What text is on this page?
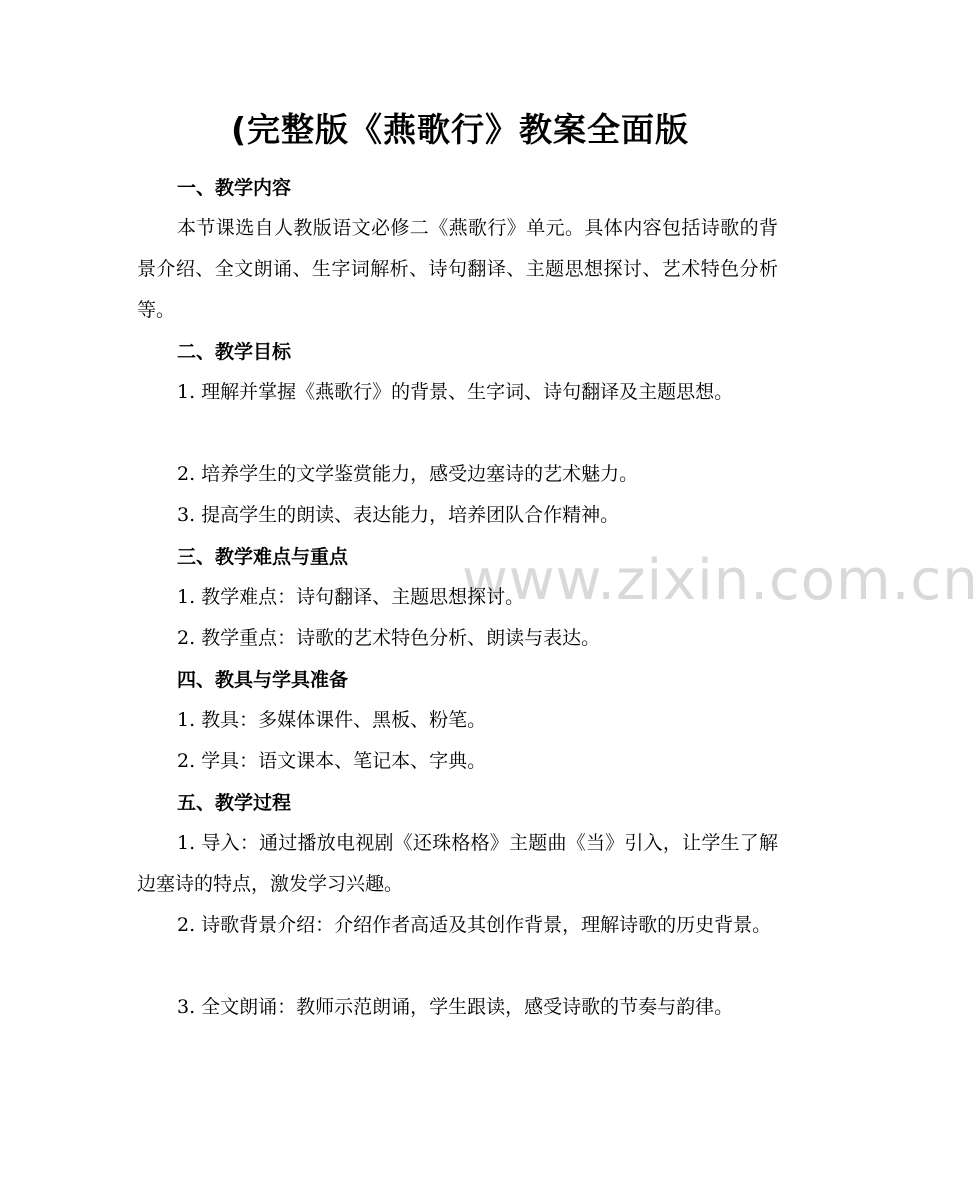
(完整版《燕歌行》教案全面版
www.zixin.com.cn
一、教学内容
本节课选自人教版语文必修二《燕歌行》单元。具体内容包括诗歌的背景介绍、全文朗诵、生字词解析、诗句翻译、主题思想探讨、艺术特色分析等。
二、教学目标
1. 理解并掌握《燕歌行》的背景、生字词、诗句翻译及主题思想。
2. 培养学生的文学鉴赏能力，感受边塞诗的艺术魅力。
3. 提高学生的朗读、表达能力，培养团队合作精神。
三、教学难点与重点
1. 教学难点：诗句翻译、主题思想探讨。
2. 教学重点：诗歌的艺术特色分析、朗读与表达。
四、教具与学具准备
1. 教具：多媒体课件、黑板、粉笔。
2. 学具：语文课本、笔记本、字典。
五、教学过程
1. 导入：通过播放电视剧《还珠格格》主题曲《当》引入，让学生了解边塞诗的特点，激发学习兴趣。
2. 诗歌背景介绍：介绍作者高适及其创作背景，理解诗歌的历史背景。
3. 全文朗诵：教师示范朗诵，学生跟读，感受诗歌的节奏与韵律。
